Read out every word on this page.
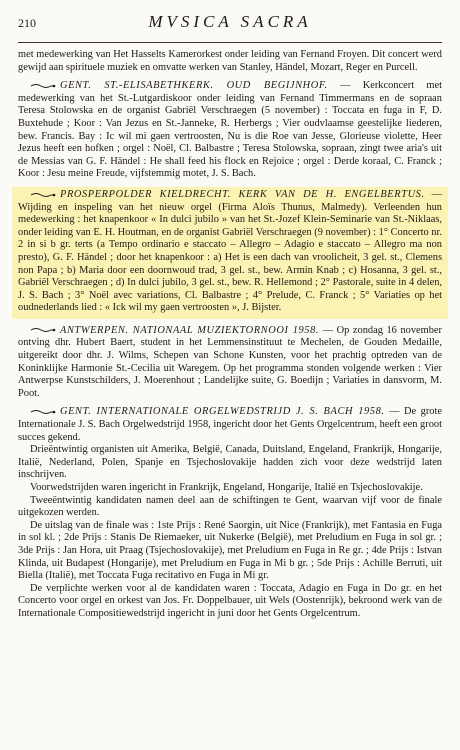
210	MVSICA SACRA

met medewerking van Het Hasselts Kamerorkest onder leiding van Fernand Froyen. Dit concert werd gewijd aan spirituele muziek en omvatte werken van Stanley, Händel, Mozart, Reger en Purcell.

GENT. ST.-ELISABETHKERK. OUD BEGIJNHOF. — Kerkconcert met medewerking van het St.-Lutgardiskoor onder leiding van Fernand Timmermans en de sopraan Teresa Stolowska en de organist Gabriël Verschraegen (5 november) : Toccata en fuga in F, D. Buxtehude ; Koor : Van Jezus en St.-Janneke, R. Herbergs ; Vier oudvlaamse geestelijke liederen, bew. Francis. Bay : Ic wil mi gaen vertroosten, Nu is die Roe van Jesse, Glorieuse violette, Heer Jezus heeft een hofken ; orgel : Noël, Cl. Balbastre ; Teresa Stolowska, sopraan, zingt twee aria's uit de Messias van G. F. Händel : He shall feed his flock en Rejoice ; orgel : Derde koraal, C. Franck ; Koor : Jesu meine Freude, vijfstemmig motet, J. S. Bach.

PROSPERPOLDER KIELDRECHT. KERK VAN DE H. ENGELBERTUS. — Wijding en inspeling van het nieuw orgel (Firma Aloïs Thunus, Malmedy). Verleenden hun medewerking : het knapenkoor « In dulci jubilo » van het St.-Jozef Klein-Seminarie van St.-Niklaas, onder leiding van E. H. Houtman, en de organist Gabriël Verschraegen (9 november) : 1° Concerto nr. 2 in si b gr. terts (a Tempo ordinario e staccato – Allegro – Adagio e staccato – Allegro ma non presto), G. F. Händel ; door het knapenkoor : a) Het is een dach van vroolicheit, 3 gel. st., Clemens non Papa ; b) Maria door een doornwoud trad, 3 gel. st., bew. Armin Knab ; c) Hosanna, 3 gel. st., Gabriël Verschraegen ; d) In dulci jubilo, 3 gel. st., bew. R. Hellemond ; 2° Pastorale, suite in 4 delen, J. S. Bach ; 3° Noël avec variations, Cl. Balbastre ; 4° Prelude, C. Franck ; 5° Variaties op het oudnederlands lied : « Ick wil my gaen vertroosten », J. Bijster.

ANTWERPEN. NATIONAAL MUZIEKTORNOOI 1958. — Op zondag 16 november ontving dhr. Hubert Baert, student in het Lemmensinstituut te Mechelen, de Gouden Medaille, uitgereikt door dhr. J. Wilms, Schepen van Schone Kunsten, voor het prachtig optreden van de Koninklijke Harmonie St.-Cecilia uit Waregem. Op het programma stonden volgende werken : Vier Antwerpse Kunstschilders, J. Moerenhout ; Landelijke suite, G. Boedijn ; Variaties in dansvorm, M. Poot.

GENT. INTERNATIONALE ORGELWEDSTRIJD J. S. BACH 1958. — De grote Internationale J. S. Bach Orgelwedstrijd 1958, ingericht door het Gents Orgelcentrum, heeft een groot succes gekend.

Drieëntwintig organisten uit Amerika, België, Canada, Duitsland, Engeland, Frankrijk, Hongarije, Italië, Nederland, Polen, Spanje en Tsjechoslovakije hadden zich voor deze wedstrijd laten inschrijven.

Voorwedstrijden waren ingericht in Frankrijk, Engeland, Hongarije, Italië en Tsjechoslovakije.

Tweeëntwintig kandidaten namen deel aan de schiftingen te Gent, waarvan vijf voor de finale uitgekozen werden.

De uitslag van de finale was : 1ste Prijs : René Saorgin, uit Nice (Frankrijk), met Fantasia en Fuga in sol kl. ; 2de Prijs : Stanis De Riemaeker, uit Nukerke (België), met Preludium en Fuga in sol gr. ; 3de Prijs : Jan Hora, uit Praag (Tsjechoslovakije), met Preludium en Fuga in Re gr. ; 4de Prijs : Istvan Klinda, uit Budapest (Hongarije), met Preludium en Fuga in Mi b gr. ; 5de Prijs : Achille Berruti, uit Biella (Italië), met Toccata Fuga recitativo en Fuga in Mi gr.

De verplichte werken voor al de kandidaten waren : Toccata, Adagio en Fuga in Do gr. en het Concerto voor orgel en orkest van Jos. Fr. Doppelbauer, uit Wels (Oostenrijk), bekroond werk van de Internationale Compositiewedstrijd ingericht in juni door het Gents Orgelcentrum.
